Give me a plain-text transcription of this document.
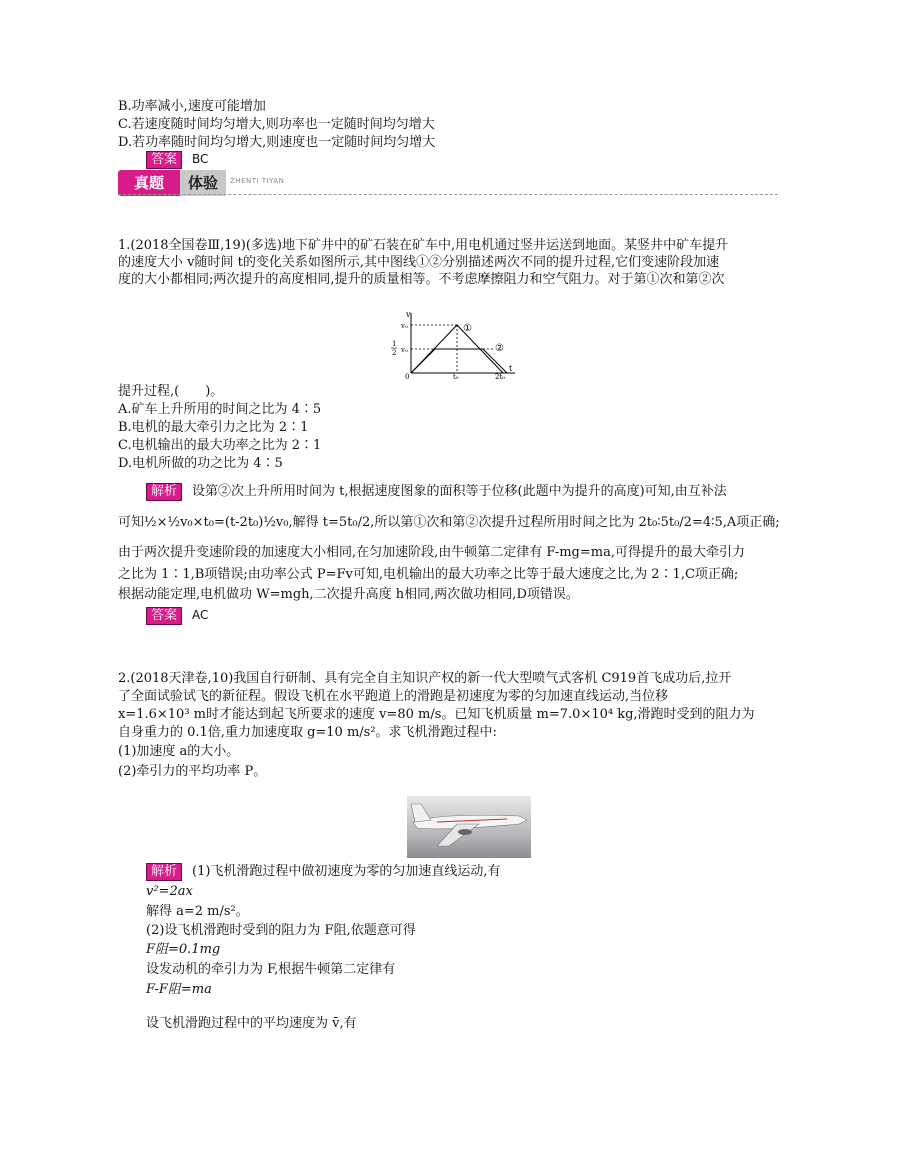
B.功率减小,速度可能增加
C.若速度随时间均匀增大,则功率也一定随时间均匀增大
D.若功率随时间均匀增大,则速度也一定随时间均匀增大
答案 BC
真题	体验	ZHENTI TIYAN
1.(2018全国卷Ⅲ,19)(多选)地下矿井中的矿石装在矿车中,用电机通过竖井运送到地面。某竖井中矿车提升
的速度大小 v随时间 t的变化关系如图所示,其中图线①②分别描述两次不同的提升过程,它们变速阶段加速
度的大小都相同;两次提升的高度相同,提升的质量相等。不考虑摩擦阻力和空气阻力。对于第①次和第②次
v
t
v₀
1
2 v₀
0	t₀	2t₀
①
②
提升过程,(　　)。
A.矿车上升所用的时间之比为 4∶5
B.电机的最大牵引力之比为 2∶1
C.电机输出的最大功率之比为 2∶1
D.电机所做的功之比为 4∶5
解析 设第②次上升所用时间为 t,根据速度图象的面积等于位移(此题中为提升的高度)可知,由互补法
可知½×½v₀×t₀=(t-2t₀)½v₀,解得 t=5t₀/2,所以第①次和第②次提升过程所用时间之比为 2t₀∶5t₀/2=4∶5,A项正确;
由于两次提升变速阶段的加速度大小相同,在匀加速阶段,由牛顿第二定律有 F-mg=ma,可得提升的最大牵引力
之比为 1∶1,B项错误;由功率公式 P=Fv可知,电机输出的最大功率之比等于最大速度之比,为 2∶1,C项正确;
根据动能定理,电机做功 W=mgh,二次提升高度 h相同,两次做功相同,D项错误。
答案 AC
2.(2018天津卷,10)我国自行研制、具有完全自主知识产权的新一代大型喷气式客机 C919首飞成功后,拉开
了全面试验试飞的新征程。假设飞机在水平跑道上的滑跑是初速度为零的匀加速直线运动,当位移
x=1.6×10³ m时才能达到起飞所要求的速度 v=80 m/s。已知飞机质量 m=7.0×10⁴ kg,滑跑时受到的阻力为
自身重力的 0.1倍,重力加速度取 g=10 m/s²。求飞机滑跑过程中:
(1)加速度 a的大小。
(2)牵引力的平均功率 P。
解析 (1)飞机滑跑过程中做初速度为零的匀加速直线运动,有
v²=2ax
解得 a=2 m/s²。
(2)设飞机滑跑时受到的阻力为 F阻,依题意可得
F阻=0.1mg
设发动机的牵引力为 F,根据牛顿第二定律有
F-F阻=ma
设飞机滑跑过程中的平均速度为 v̄,有
